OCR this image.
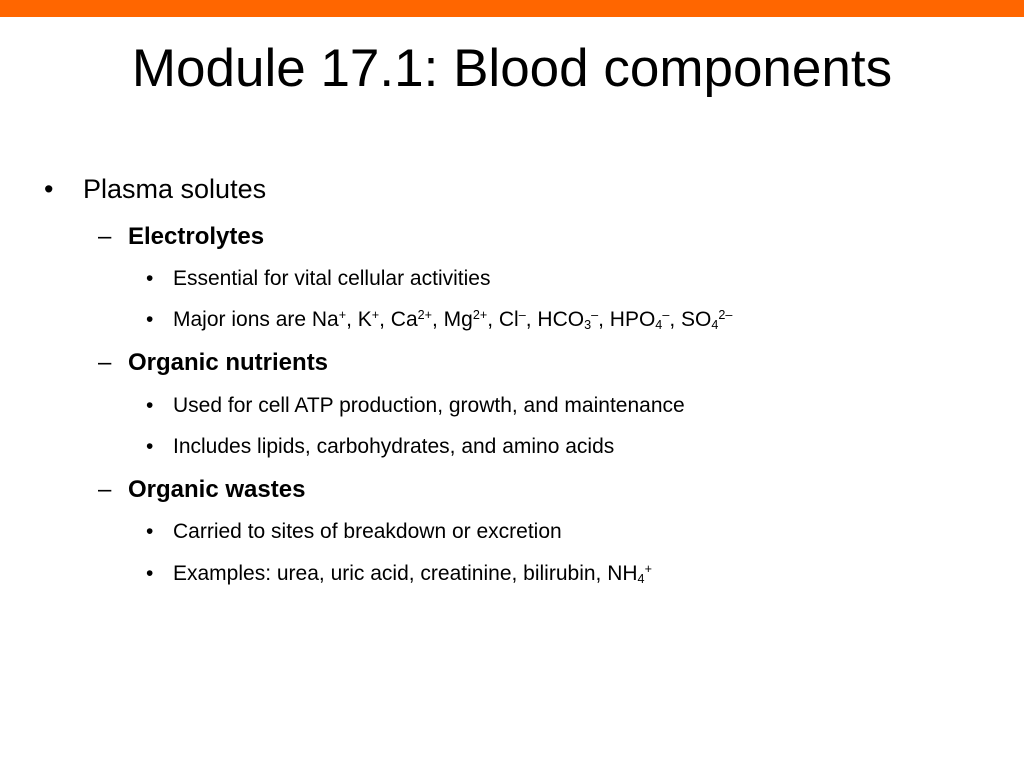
Module 17.1: Blood components
• Plasma solutes
– Electrolytes
• Essential for vital cellular activities
• Major ions are Na+, K+, $Ca^{2+}$, $Mg^{2+}$, Cl–, $HCO_3^-$, $HPO_4^-$, $SO_4^{2-}$
– Organic nutrients
• Used for cell ATP production, growth, and maintenance
• Includes lipids, carbohydrates, and amino acids
– Organic wastes
• Carried to sites of breakdown or excretion
• Examples: urea, uric acid, creatinine, bilirubin, $NH_4^+$
